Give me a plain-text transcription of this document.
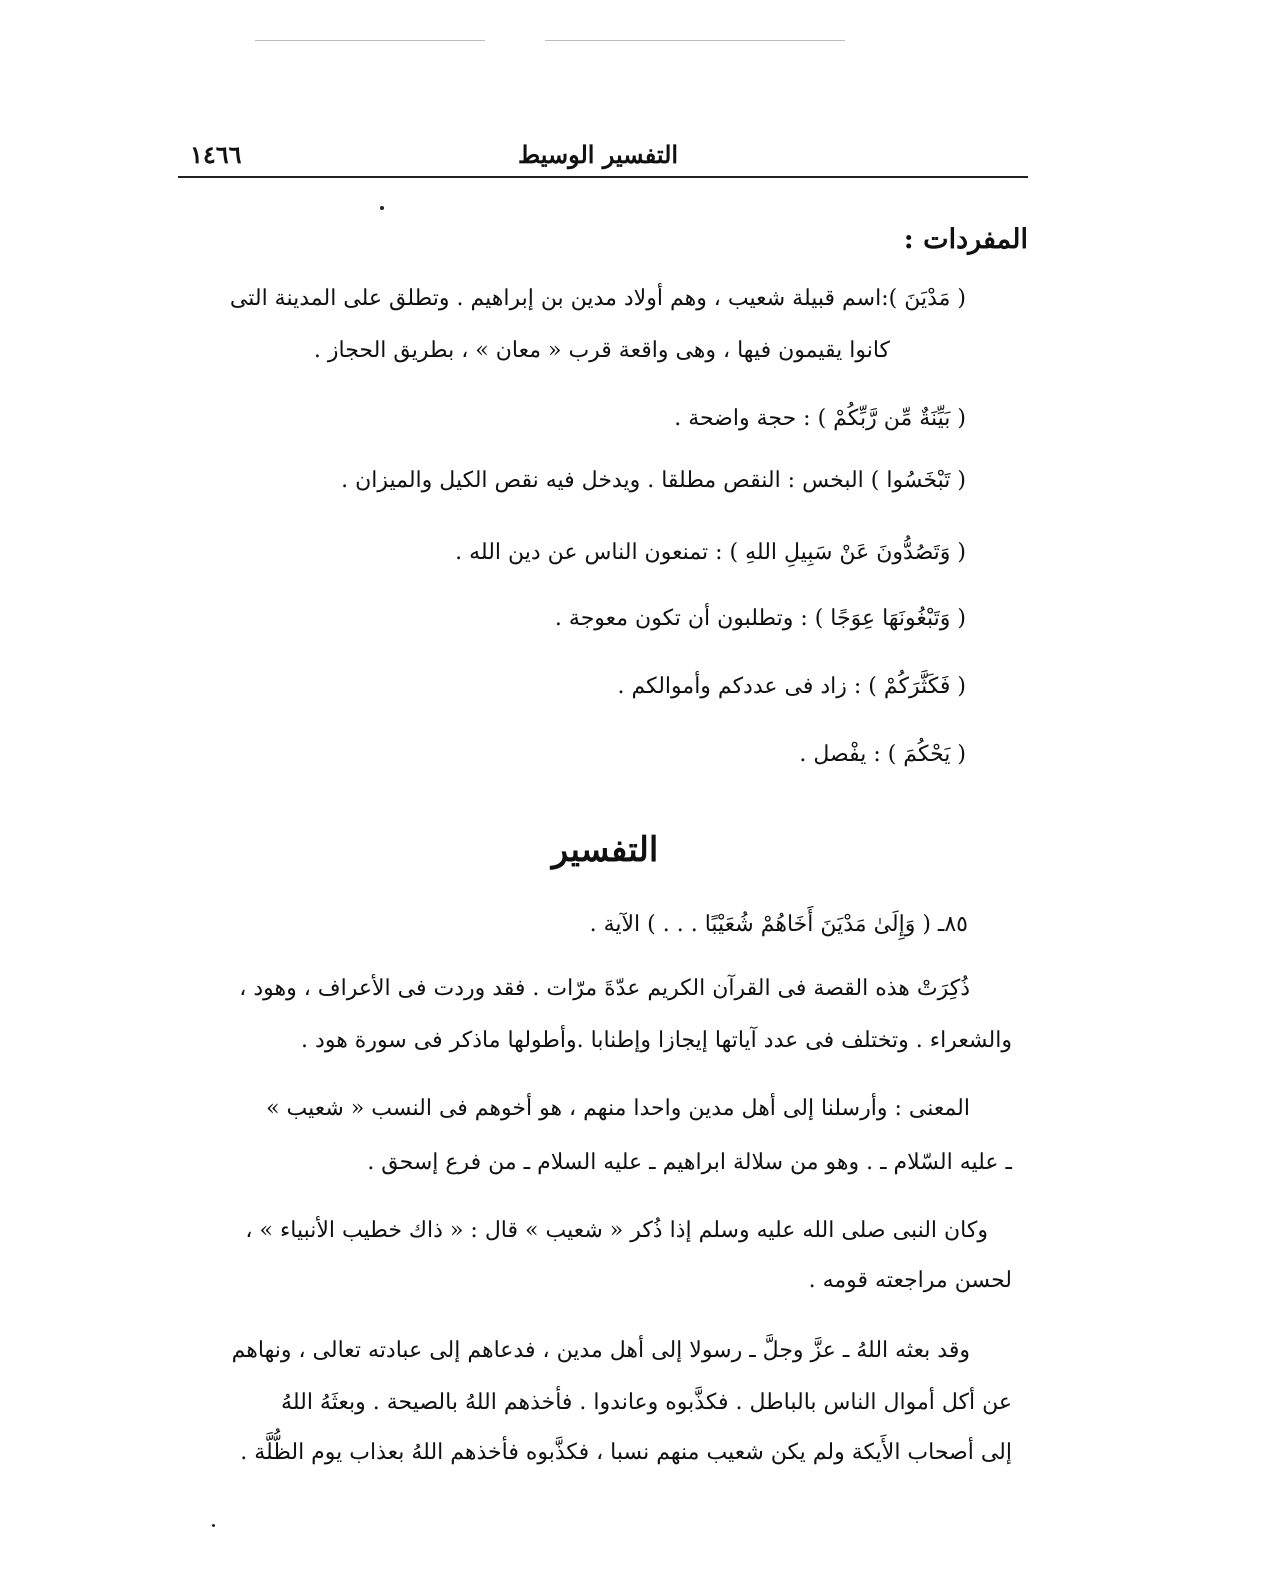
التفسير الوسيط
١٤٦٦
المفردات :
( مَدْيَنَ ):اسم قبيلة شعيب ، وهم أولاد مدين بن إبراهيم . وتطلق على المدينة التى
كانوا يقيمون فيها ، وهى واقعة قرب « معان » ، بطريق الحجاز .
( بَيِّنَةٌ مِّن رَّبِّكُمْ ) : حجة واضحة .
( تَبْخَسُوا ) البخس : النقص مطلقا . ويدخل فيه نقص الكيل والميزان .
( وَتَصُدُّونَ عَنْ سَبِيلِ اللهِ ) : تمنعون الناس عن دين الله .
( وَتَبْغُونَهَا عِوَجًا ) : وتطلبون أن تكون معوجة .
( فَكَثَّرَكُمْ ) : زاد فى عددكم وأموالكم .
( يَحْكُمَ ) : يفْصل .
التفسير
٨٥ـ ( وَإِلَىٰ مَدْيَنَ أَخَاهُمْ شُعَيْبًا . . . ) الآية .
ذُكِرَتْ هذه القصة فى القرآن الكريم عدّةَ مرّات . فقد وردت فى الأعراف ، وهود ،
والشعراء . وتختلف فى عدد آياتها إيجازا وإطنابا .وأطولها ماذكر فى سورة هود .
المعنى : وأرسلنا إلى أهل مدين واحدا منهم ، هو أخوهم فى النسب « شعيب »
ـ عليه السّلام ـ . وهو من سلالة ابراهيم ـ عليه السلام ـ من فرع إسحق .
وكان النبى صلى الله عليه وسلم إذا ذُكر « شعيب » قال : « ذاك خطيب الأنبياء » ،
لحسن مراجعته قومه .
وقد بعثه اللهُ ـ عزَّ وجلَّ ـ رسولا إلى أهل مدين ، فدعاهم إلى عبادته تعالى ، ونهاهم
عن أكل أموال الناس بالباطل . فكذَّبوه وعاندوا . فأخذهم اللهُ بالصيحة . وبعثَهُ اللهُ
إلى أصحاب الأَيكة ولم يكن شعيب منهم نسبا ، فكذَّبوه فأخذهم اللهُ بعذاب يوم الظُّلَّة .
